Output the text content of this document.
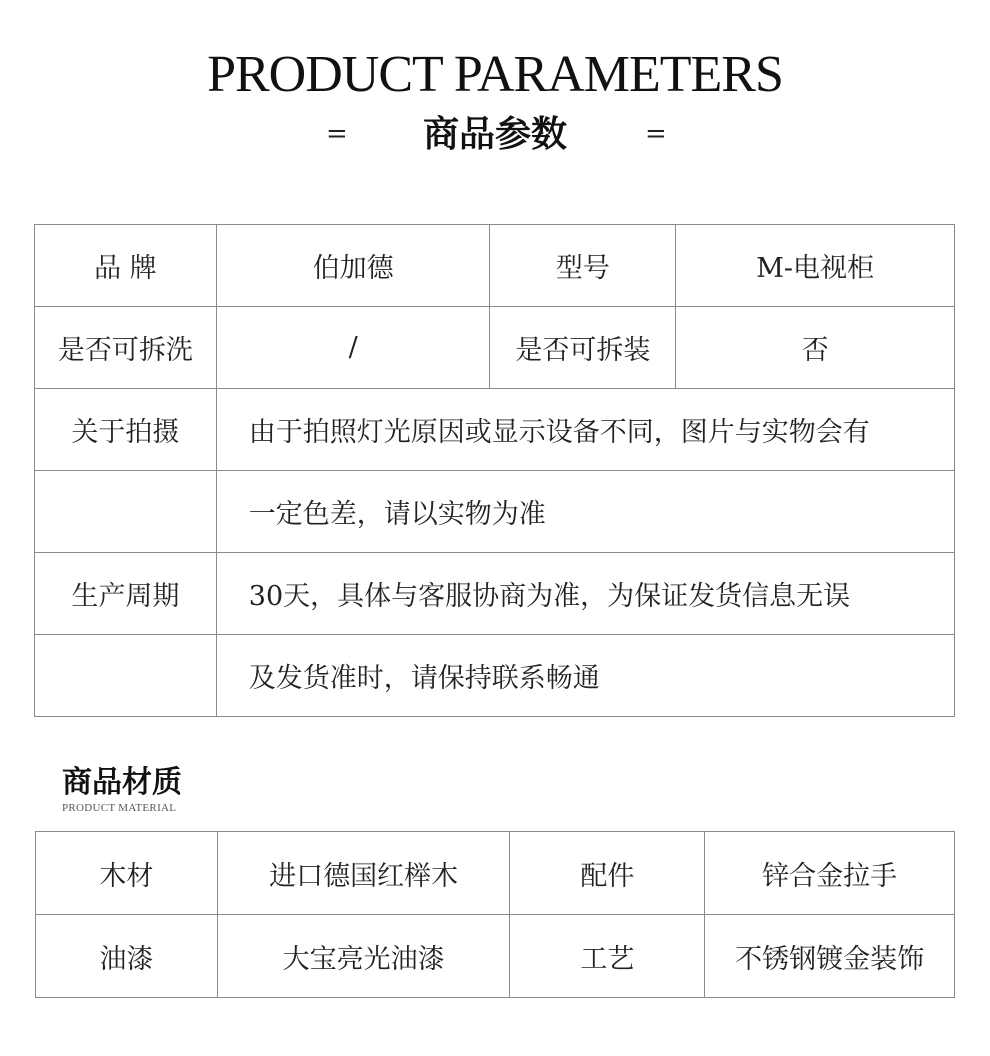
PRODUCT PARAMETERS
=	商品参数	=
品 牌	伯加德	型号	M-电视柜
是否可拆洗	/	是否可拆装	否
关于拍摄	由于拍照灯光原因或显示设备不同，图片与实物会有		
	一定色差，请以实物为准		
生产周期	30天，具体与客服协商为准，为保证发货信息无误		
	及发货准时，请保持联系畅通		
商品材质
PRODUCT MATERIAL
木材	进口德国红榉木	配件	锌合金拉手
油漆	大宝亮光油漆	工艺	不锈钢镀金装饰
